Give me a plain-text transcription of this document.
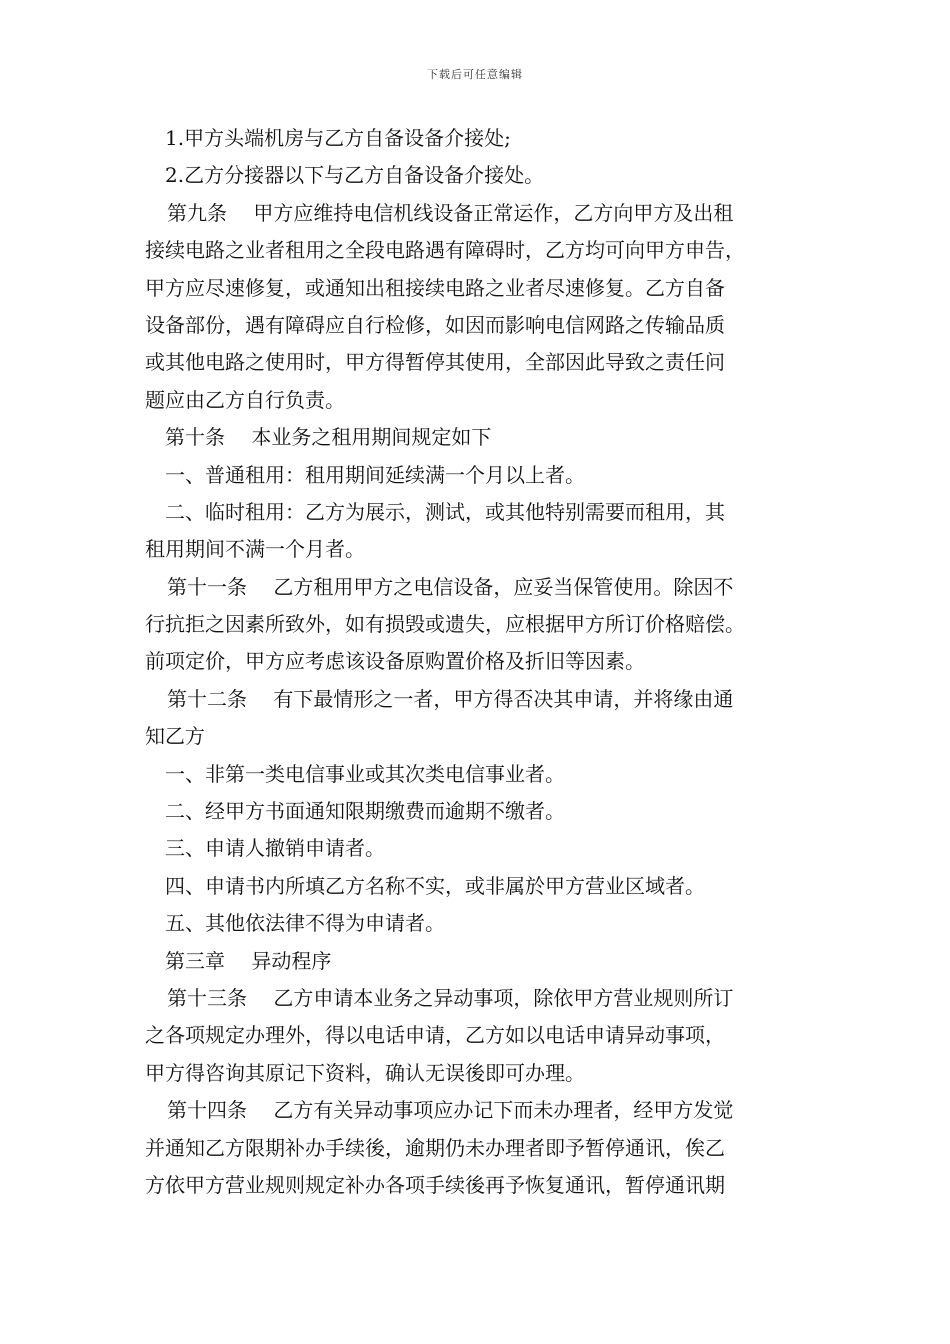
下载后可任意编辑
1.甲方头端机房与乙方自备设备介接处;
2.乙方分接器以下与乙方自备设备介接处。
第九条　 甲方应维持电信机线设备正常运作，乙方向甲方及出租
接续电路之业者租用之全段电路遇有障碍时，乙方均可向甲方申告，
甲方应尽速修复，或通知出租接续电路之业者尽速修复。乙方自备
设备部份，遇有障碍应自行检修，如因而影响电信网路之传输品质
或其他电路之使用时，甲方得暂停其使用，全部因此导致之责任问
题应由乙方自行负责。
第十条　 本业务之租用期间规定如下
一、普通租用：租用期间延续满一个月以上者。
二、临时租用：乙方为展示，测试，或其他特别需要而租用，其
租用期间不满一个月者。
第十一条　 乙方租用甲方之电信设备，应妥当保管使用。除因不
行抗拒之因素所致外，如有损毁或遗失，应根据甲方所订价格赔偿。
前项定价，甲方应考虑该设备原购置价格及折旧等因素。
第十二条　 有下最情形之一者，甲方得否决其申请，并将缘由通
知乙方
一、非第一类电信事业或其次类电信事业者。
二、经甲方书面通知限期缴费而逾期不缴者。
三、申请人撤销申请者。
四、申请书内所填乙方名称不实，或非属於甲方营业区域者。
五、其他依法律不得为申请者。
第三章　 异动程序
第十三条　 乙方申请本业务之异动事项，除依甲方营业规则所订
之各项规定办理外，得以电话申请，乙方如以电话申请异动事项，
甲方得咨询其原记下资料，确认无误後即可办理。
第十四条　 乙方有关异动事项应办记下而未办理者，经甲方发觉
并通知乙方限期补办手续後，逾期仍未办理者即予暂停通讯，俟乙
方依甲方营业规则规定补办各项手续後再予恢复通讯，暂停通讯期
